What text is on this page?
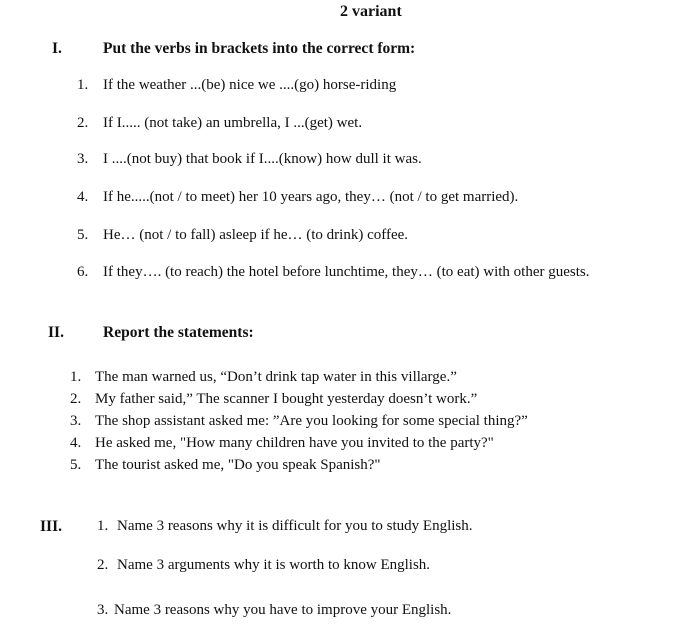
2 variant
I.	Put the verbs in brackets into the correct form:
1. If the weather ...(be) nice we ....(go) horse-riding
2. If I..... (not take) an umbrella, I ...(get) wet.
3. I ....(not buy) that book if I....(know) how dull it was.
4. If he.....(not / to meet) her 10 years ago, they… (not / to get married).
5. He… (not / to fall) asleep if he… (to drink) coffee.
6. If they…. (to reach) the hotel before lunchtime, they… (to eat) with other guests.
II.	Report the statements:
1. The man warned us, “Don’t drink tap water in this villarge.”
2. My father said,” The scanner I bought yesterday doesn’t work.”
3. The shop assistant asked me: ”Are you looking for some special thing?”
4. He asked me, "How many children have you invited to the party?"
5. The tourist asked me, "Do you speak Spanish?"
III. 1. Name 3 reasons why it is difficult for you to study English.
2. Name 3 arguments why it is worth to know English.
3. Name 3 reasons why you have to improve your English.
